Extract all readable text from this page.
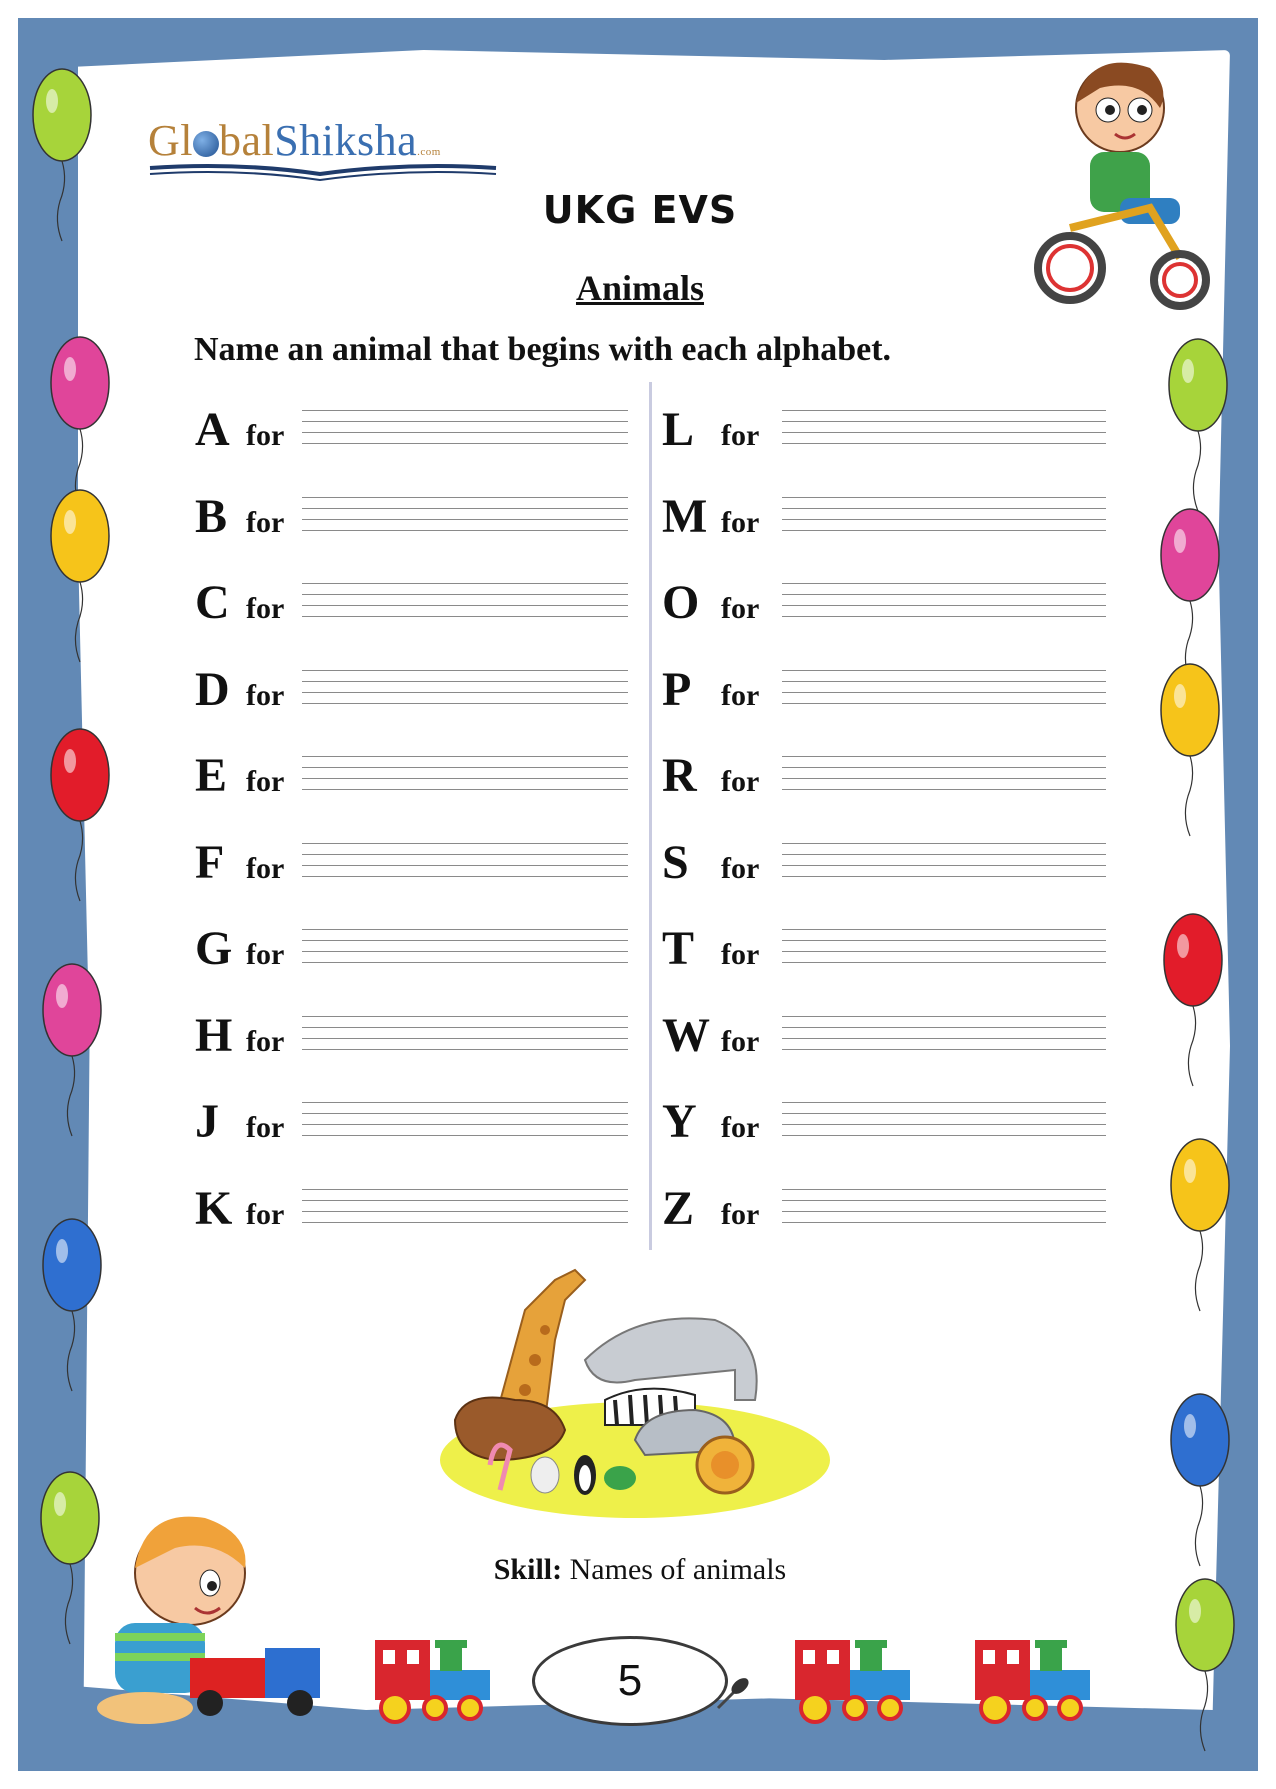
Gl balShiksha.com
UKG EVS
Animals
Name an animal that begins with each alphabet.
A for
B for
C for
D for
E for
F for
G for
H for
J for
K for
L for
M for
O for
P for
R for
S for
T for
W for
Y for
Z for
Skill: Names of animals
5
